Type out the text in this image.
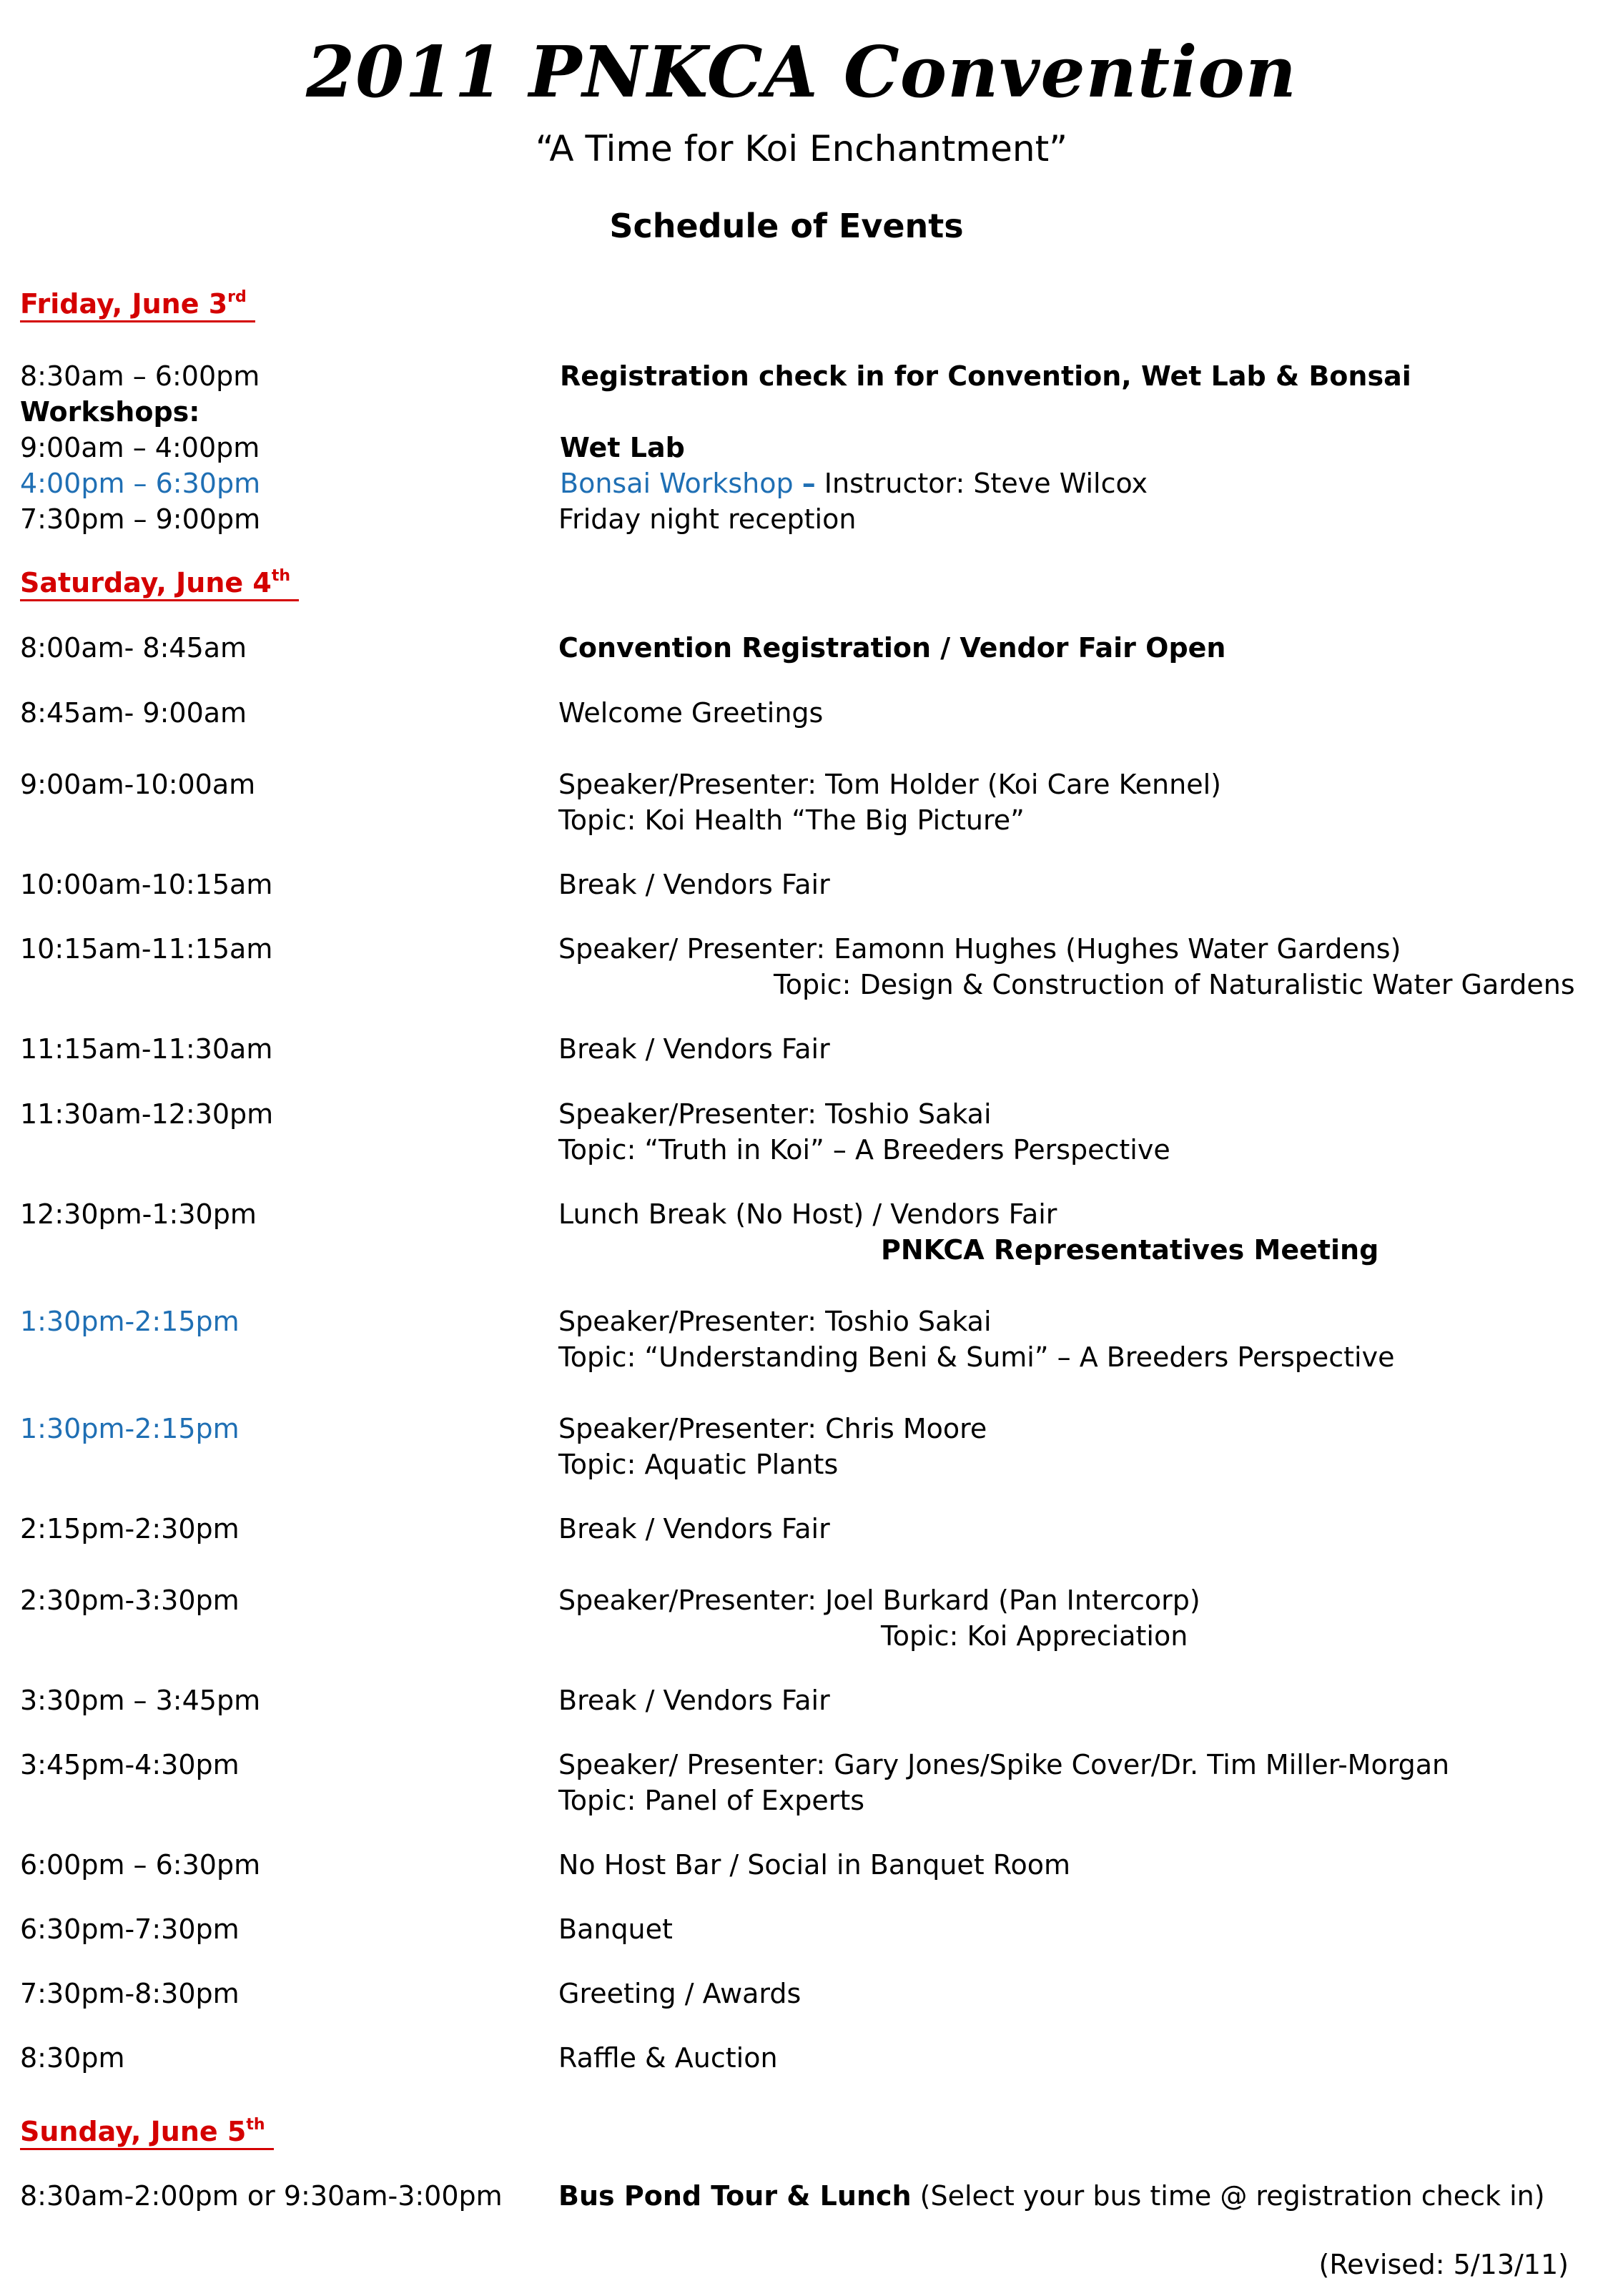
2011 PNKCA Convention
“A Time for Koi Enchantment”
Schedule of Events
Friday, June 3rd
8:30am – 6:00pm	Registration check in for Convention, Wet Lab & Bonsai
Workshops:
9:00am – 4:00pm	Wet Lab
4:00pm – 6:30pm	Bonsai Workshop – Instructor: Steve Wilcox
7:30pm – 9:00pm	Friday night reception
Saturday, June 4th
8:00am- 8:45am	Convention Registration / Vendor Fair Open
8:45am- 9:00am	Welcome Greetings
9:00am-10:00am	Speaker/Presenter: Tom Holder (Koi Care Kennel)
Topic: Koi Health “The Big Picture”
10:00am-10:15am	Break / Vendors Fair
10:15am-11:15am	Speaker/ Presenter: Eamonn Hughes (Hughes Water Gardens)
Topic: Design & Construction of Naturalistic Water Gardens
11:15am-11:30am	Break / Vendors Fair
11:30am-12:30pm	Speaker/Presenter: Toshio Sakai
Topic: “Truth in Koi” – A Breeders Perspective
12:30pm-1:30pm	Lunch Break (No Host) / Vendors Fair
PNKCA Representatives Meeting
1:30pm-2:15pm	Speaker/Presenter: Toshio Sakai
Topic: “Understanding Beni & Sumi” – A Breeders Perspective
1:30pm-2:15pm	Speaker/Presenter: Chris Moore
Topic: Aquatic Plants
2:15pm-2:30pm	Break / Vendors Fair
2:30pm-3:30pm	Speaker/Presenter: Joel Burkard (Pan Intercorp)
Topic: Koi Appreciation
3:30pm – 3:45pm	Break / Vendors Fair
3:45pm-4:30pm	Speaker/ Presenter: Gary Jones/Spike Cover/Dr. Tim Miller-Morgan
Topic: Panel of Experts
6:00pm – 6:30pm	No Host Bar / Social in Banquet Room
6:30pm-7:30pm	Banquet
7:30pm-8:30pm	Greeting / Awards
8:30pm	Raffle & Auction
Sunday, June 5th
8:30am-2:00pm or 9:30am-3:00pm Bus Pond Tour & Lunch (Select your bus time @ registration check in)
(Revised: 5/13/11)
